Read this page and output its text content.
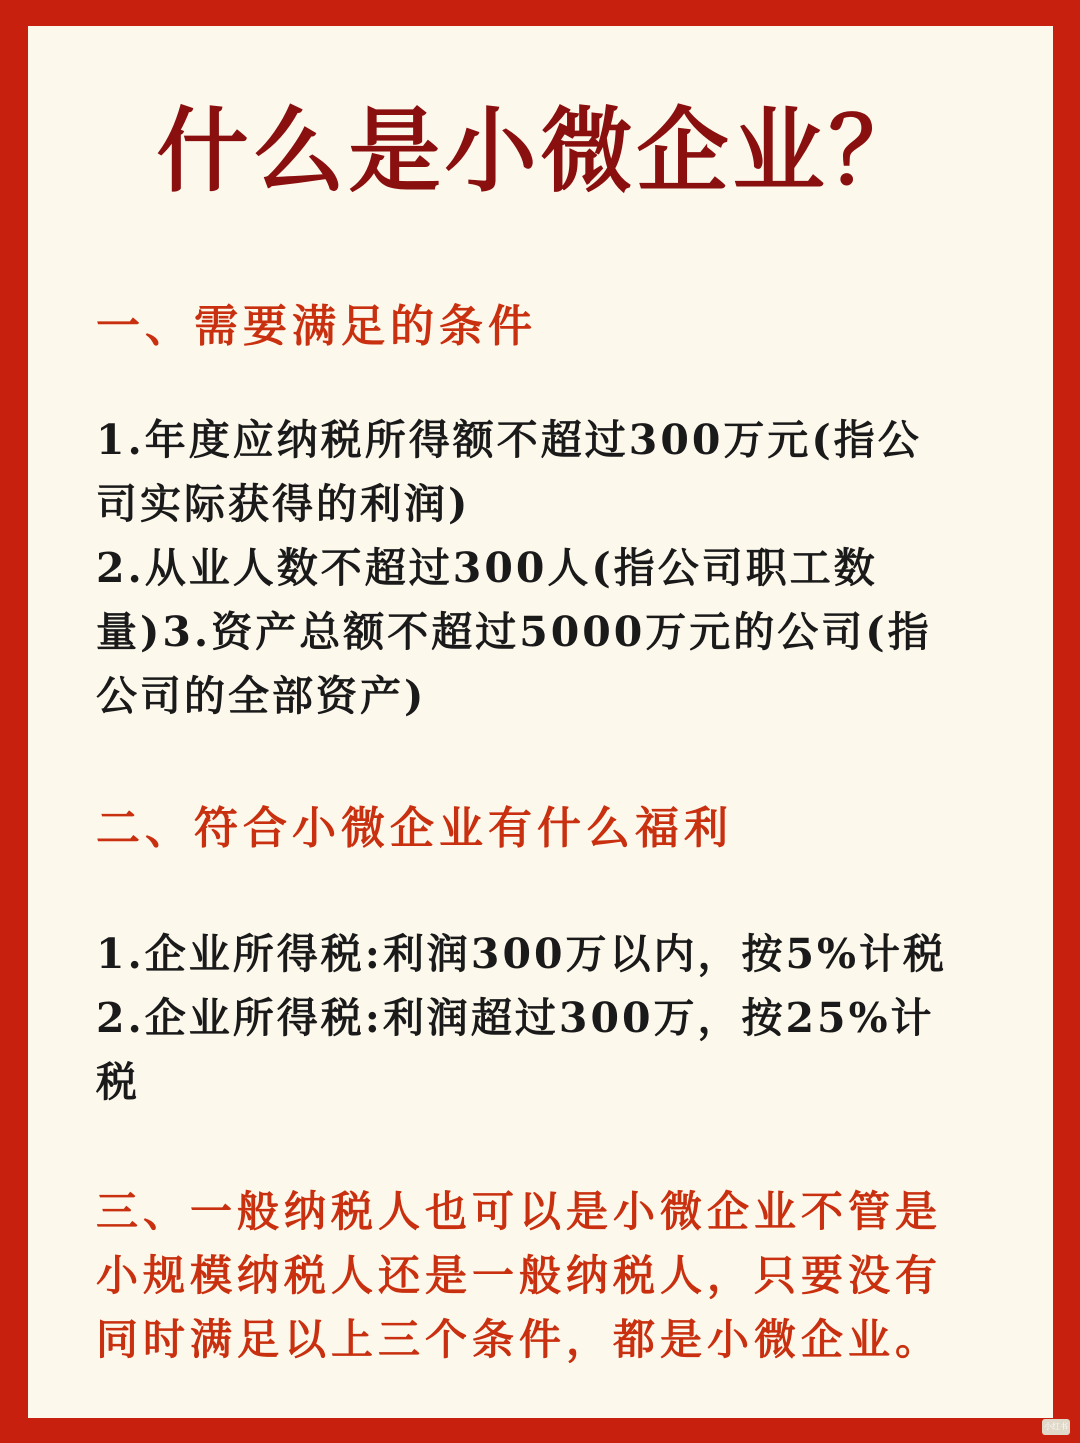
什么是小微企业？
一、需要满足的条件
1.年度应纳税所得额不超过300万元(指公
司实际获得的利润)
2.从业人数不超过300人(指公司职工数
量)3.资产总额不超过5000万元的公司(指
公司的全部资产)
二、符合小微企业有什么福利
1.企业所得税:利润300万以内，按5%计税
2.企业所得税:利润超过300万，按25%计
税
三、一般纳税人也可以是小微企业不管是
小规模纳税人还是一般纳税人，只要没有
同时满足以上三个条件，都是小微企业。
小红书
